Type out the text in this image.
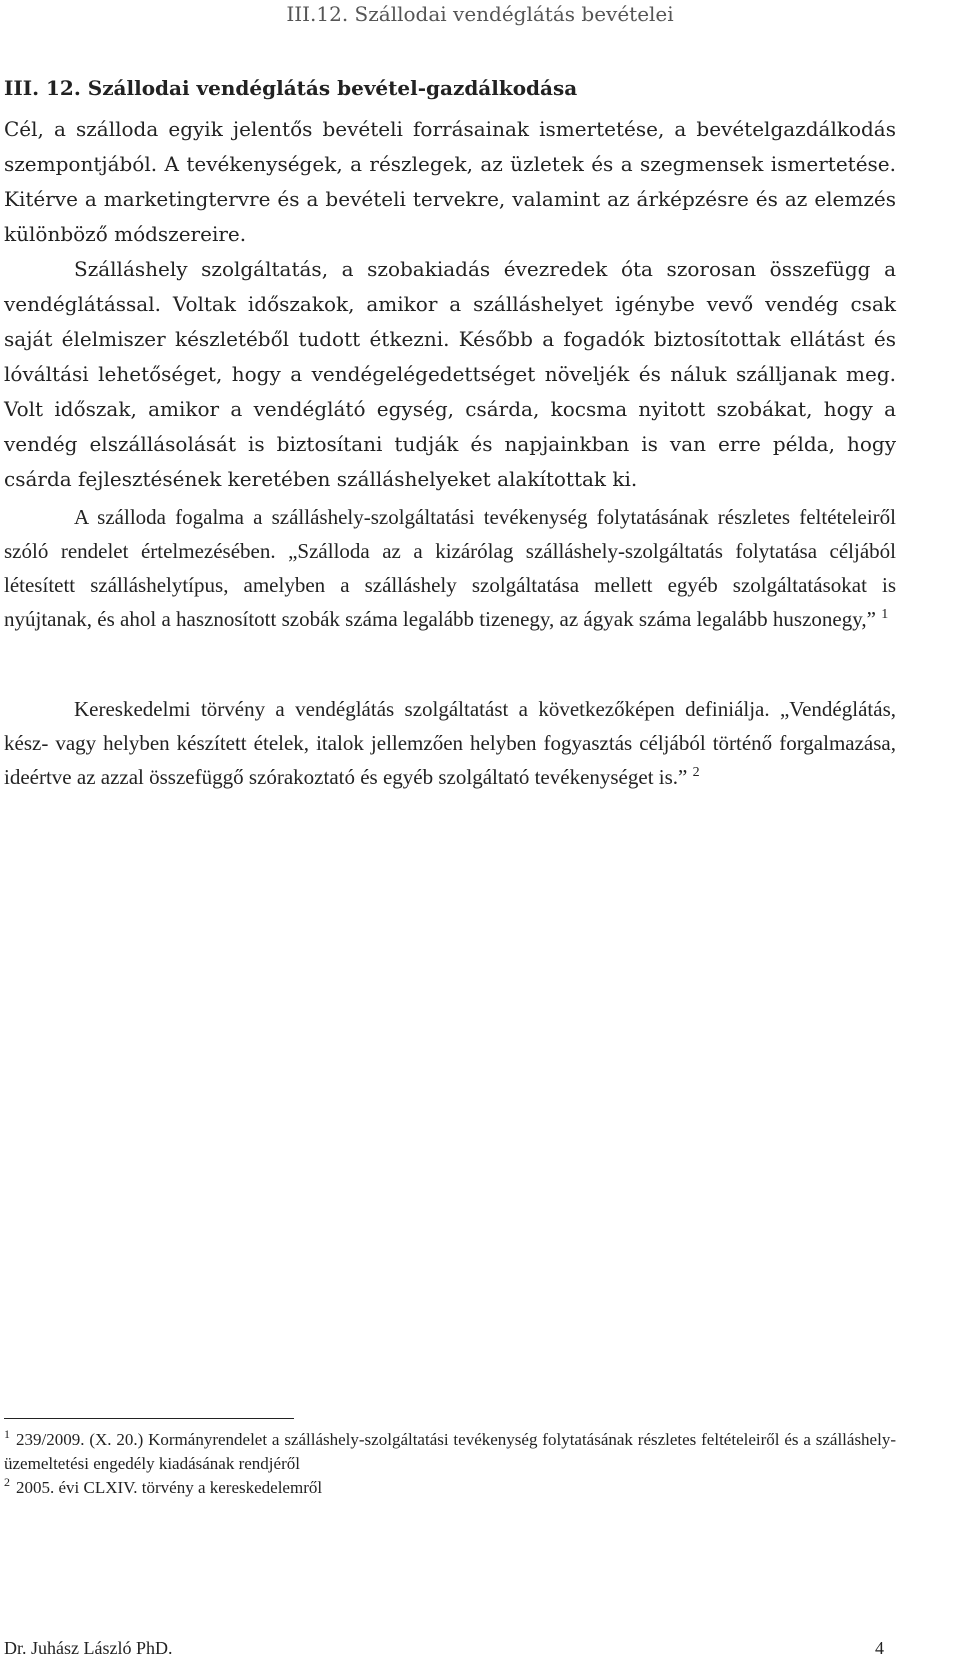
III.12. Szállodai vendéglátás bevételei
III. 12. Szállodai vendéglátás bevétel-gazdálkodása
Cél, a szálloda egyik jelentős bevételi forrásainak ismertetése, a bevételgazdálkodás szempontjából. A tevékenységek, a részlegek, az üzletek és a szegmensek ismertetése. Kitérve a marketingtervre és a bevételi tervekre, valamint az árképzésre és az elemzés különböző módszereire.
Szálláshely szolgáltatás, a szobakiadás évezredek óta szorosan összefügg a vendéglátással. Voltak időszakok, amikor a szálláshelyet igénybe vevő vendég csak saját élelmiszer készletéből tudott étkezni. Később a fogadók biztosítottak ellátást és lóváltási lehetőséget, hogy a vendégelégedettséget növeljék és náluk szálljanak meg. Volt időszak, amikor a vendéglátó egység, csárda, kocsma nyitott szobákat, hogy a vendég elszállásolását is biztosítani tudják és napjainkban is van erre példa, hogy csárda fejlesztésének keretében szálláshelyeket alakítottak ki.
A szálloda fogalma a szálláshely-szolgáltatási tevékenység folytatásának részletes feltételeiről szóló rendelet értelmezésében. „Szálloda az a kizárólag szálláshely-szolgáltatás folytatása céljából létesített szálláshelytípus, amelyben a szálláshely szolgáltatása mellett egyéb szolgáltatásokat is nyújtanak, és ahol a hasznosított szobák száma legalább tizenegy, az ágyak száma legalább huszonegy,” $^1$
Kereskedelmi törvény a vendéglátás szolgáltatást a következőképen definiálja. „Vendéglátás, kész- vagy helyben készített ételek, italok jellemzően helyben fogyasztás céljából történő forgalmazása, ideértve az azzal összefüggő szórakoztató és egyéb szolgáltató tevékenységet is.” $^2$

$^1$ 239/2009. (X. 20.) Kormányrendelet a szálláshely-szolgáltatási tevékenység folytatásának részletes feltételeiről és a szálláshely-üzemeltetési engedély kiadásának rendjéről

$^2$ 2005. évi CLXIV. törvény a kereskedelemről

Dr. Juhász László PhD.	4
